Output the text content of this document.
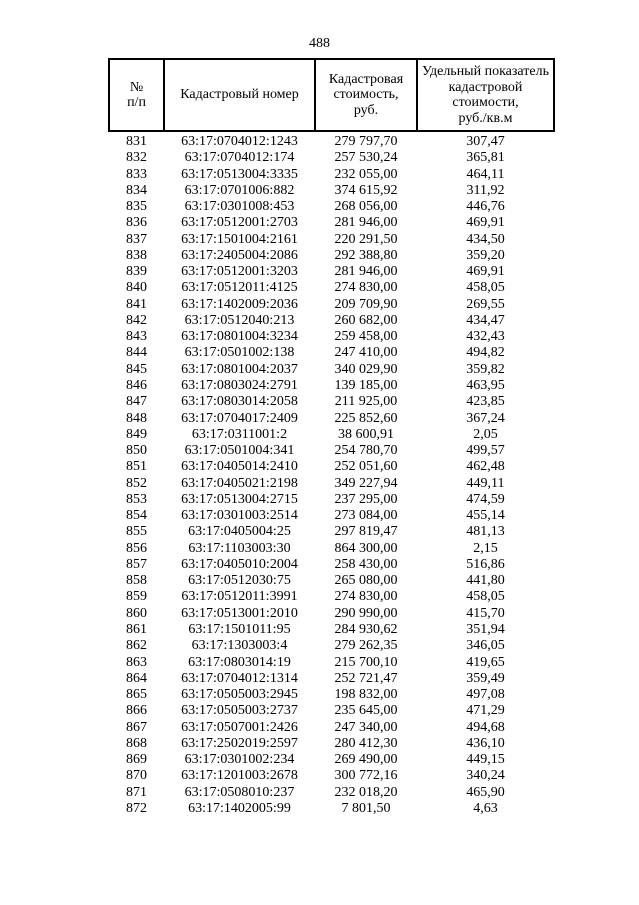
488
№
п/п

Кадастровый номер

Кадастровая
стоимость,
руб.

Удельный показатель
кадастровой
стоимости,
руб./кв.м

831	63:17:0704012:1243	279 797,70	307,47
832	63:17:0704012:174	257 530,24	365,81
833	63:17:0513004:3335	232 055,00	464,11
834	63:17:0701006:882	374 615,92	311,92
835	63:17:0301008:453	268 056,00	446,76
836	63:17:0512001:2703	281 946,00	469,91
837	63:17:1501004:2161	220 291,50	434,50
838	63:17:2405004:2086	292 388,80	359,20
839	63:17:0512001:3203	281 946,00	469,91
840	63:17:0512011:4125	274 830,00	458,05
841	63:17:1402009:2036	209 709,90	269,55
842	63:17:0512040:213	260 682,00	434,47
843	63:17:0801004:3234	259 458,00	432,43
844	63:17:0501002:138	247 410,00	494,82
845	63:17:0801004:2037	340 029,90	359,82
846	63:17:0803024:2791	139 185,00	463,95
847	63:17:0803014:2058	211 925,00	423,85
848	63:17:0704017:2409	225 852,60	367,24
849	63:17:0311001:2	38 600,91	2,05
850	63:17:0501004:341	254 780,70	499,57
851	63:17:0405014:2410	252 051,60	462,48
852	63:17:0405021:2198	349 227,94	449,11
853	63:17:0513004:2715	237 295,00	474,59
854	63:17:0301003:2514	273 084,00	455,14
855	63:17:0405004:25	297 819,47	481,13
856	63:17:1103003:30	864 300,00	2,15
857	63:17:0405010:2004	258 430,00	516,86
858	63:17:0512030:75	265 080,00	441,80
859	63:17:0512011:3991	274 830,00	458,05
860	63:17:0513001:2010	290 990,00	415,70
861	63:17:1501011:95	284 930,62	351,94
862	63:17:1303003:4	279 262,35	346,05
863	63:17:0803014:19	215 700,10	419,65
864	63:17:0704012:1314	252 721,47	359,49
865	63:17:0505003:2945	198 832,00	497,08
866	63:17:0505003:2737	235 645,00	471,29
867	63:17:0507001:2426	247 340,00	494,68
868	63:17:2502019:2597	280 412,30	436,10
869	63:17:0301002:234	269 490,00	449,15
870	63:17:1201003:2678	300 772,16	340,24
871	63:17:0508010:237	232 018,20	465,90
872	63:17:1402005:99	7 801,50	4,63
